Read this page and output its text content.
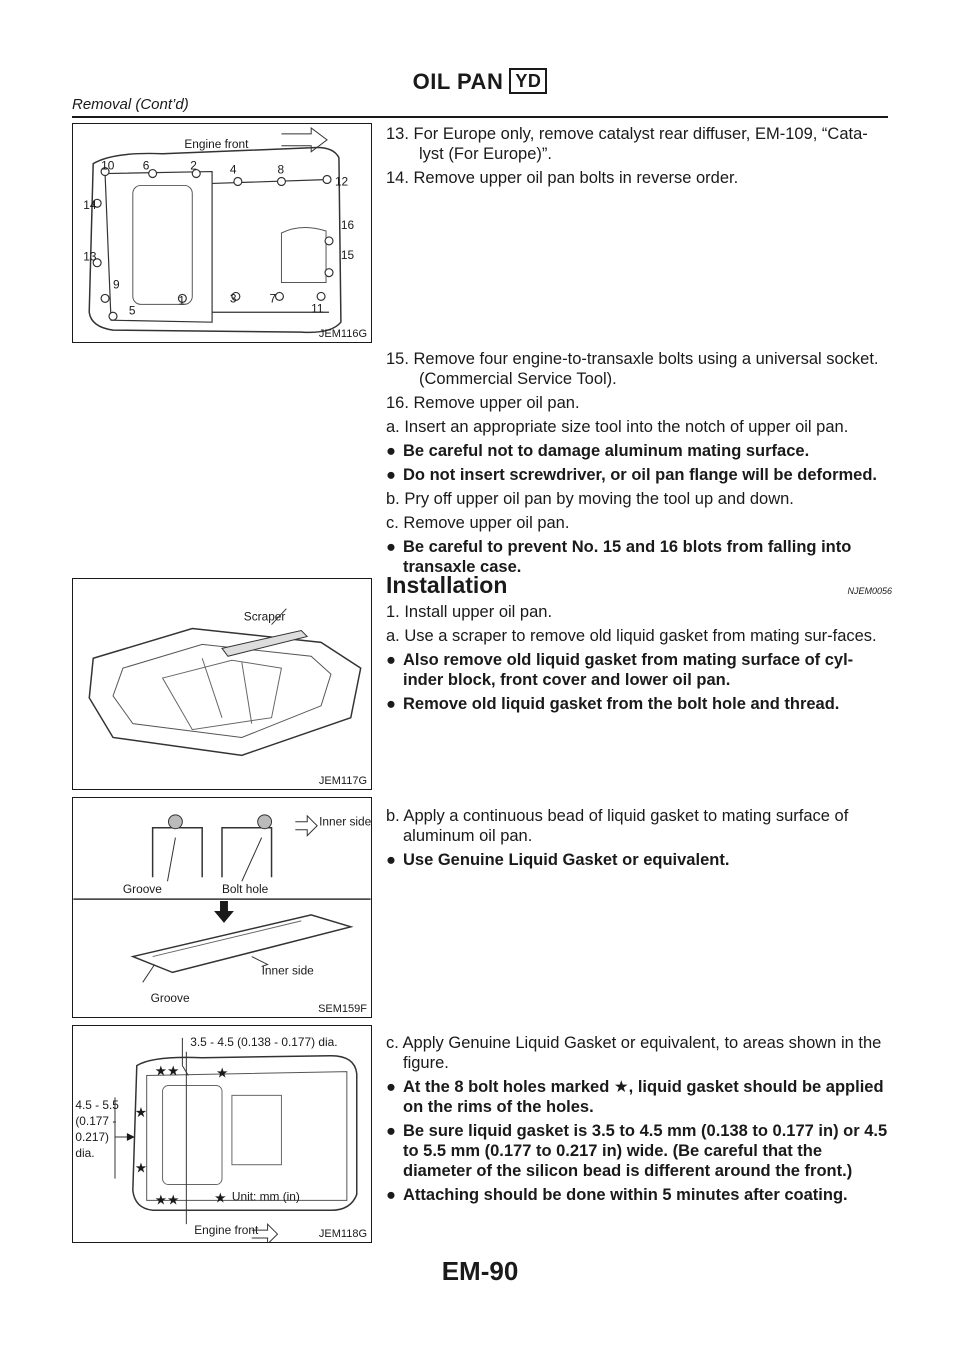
OIL PAN YD
Removal (Cont’d)
Engine front
10 6	2	4	8
12
14
16
15
13
9
5
1	3	7
11
JEM116G
Scraper
JEM117G
Inner side
Groove	Bolt hole
Inner side
Groove
SEM159F
★★	★
★
★
★★ ★
3.5 - 4.5 (0.138 - 0.177) dia.
4.5 - 5.5
(0.177 -
0.217)
dia.
Unit: mm (in)
Engine front	JEM118G

13. For Europe only, remove catalyst rear diffuser, EM-109, “Cata-lyst (For Europe)”.

14. Remove upper oil pan bolts in reverse order.

15. Remove four engine-to-transaxle bolts using a universal socket. (Commercial Service Tool).

16. Remove upper oil pan.

a. Insert an appropriate size tool into the notch of upper oil pan.

● Be careful not to damage aluminum mating surface.

● Do not insert screwdriver, or oil pan flange will be deformed.

b. Pry off upper oil pan by moving the tool up and down.

c. Remove upper oil pan.

● Be careful to prevent No. 15 and 16 blots from falling into transaxle case.

Installation	NJEM0056

1. Install upper oil pan.

a. Use a scraper to remove old liquid gasket from mating sur-faces.

● Also remove old liquid gasket from mating surface of cyl-inder block, front cover and lower oil pan.

● Remove old liquid gasket from the bolt hole and thread.

b. Apply a continuous bead of liquid gasket to mating surface of aluminum oil pan.

● Use Genuine Liquid Gasket or equivalent.

c. Apply Genuine Liquid Gasket or equivalent, to areas shown in the figure.

● At the 8 bolt holes marked ★, liquid gasket should be applied on the rims of the holes.

● Be sure liquid gasket is 3.5 to 4.5 mm (0.138 to 0.177 in) or 4.5 to 5.5 mm (0.177 to 0.217 in) wide. (Be careful that the diameter of the silicon bead is different around the front.)

● Attaching should be done within 5 minutes after coating.

EM-90
